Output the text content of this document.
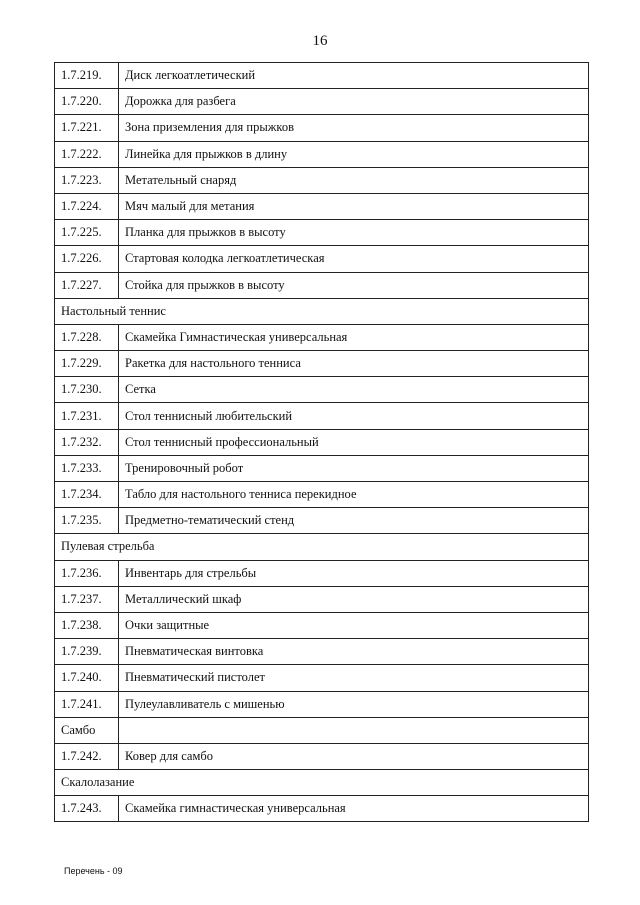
16
1.7.219.	Диск легкоатлетический
1.7.220.	Дорожка для разбега
1.7.221.	Зона приземления для прыжков
1.7.222.	Линейка для прыжков в длину
1.7.223.	Метательный снаряд
1.7.224.	Мяч малый для метания
1.7.225.	Планка для прыжков в высоту
1.7.226.	Стартовая колодка легкоатлетическая
1.7.227.	Стойка для прыжков в высоту
Настольный теннис	
1.7.228.	Скамейка Гимнастическая универсальная
1.7.229.	Ракетка для настольного тенниса
1.7.230.	Сетка
1.7.231.	Стол теннисный любительский
1.7.232.	Стол теннисный профессиональный
1.7.233.	Тренировочный робот
1.7.234.	Табло для настольного тенниса перекидное
1.7.235.	Предметно-тематический стенд
Пулевая стрельба	
1.7.236.	Инвентарь для стрельбы
1.7.237.	Металлический шкаф
1.7.238.	Очки защитные
1.7.239.	Пневматическая винтовка
1.7.240.	Пневматический пистолет
1.7.241.	Пулеулавливатель с мишенью
Самбо	
1.7.242.	Ковер для самбо
Скалолазание	
1.7.243.	Скамейка гимнастическая универсальная
Перечень - 09
